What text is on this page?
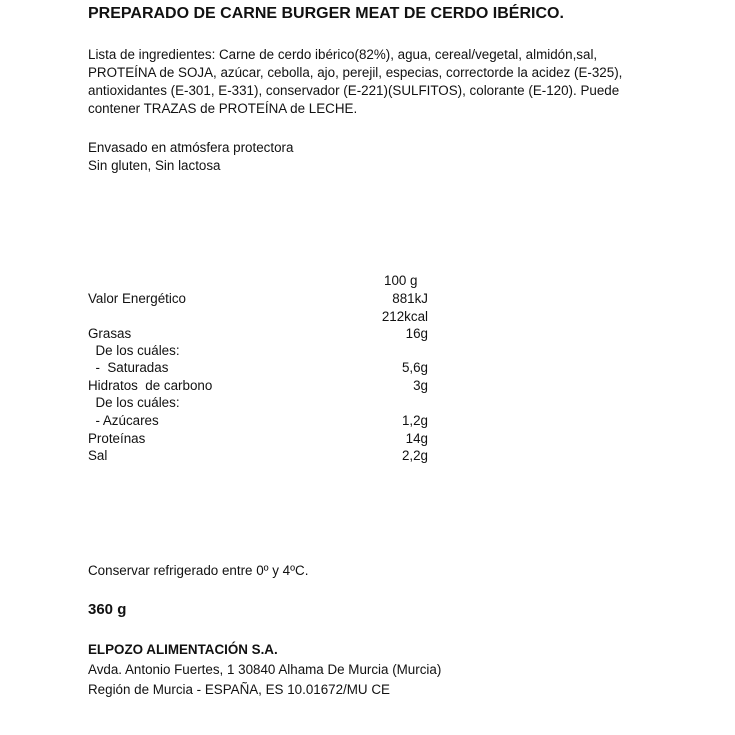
PREPARADO DE CARNE BURGER MEAT DE CERDO IBÉRICO.

Lista de ingredientes: Carne de cerdo ibérico(82%), agua, cereal/vegetal, almidón,sal, PROTEÍNA de SOJA, azúcar, cebolla, ajo, perejil, especias, correctorde la acidez (E-325), antioxidantes (E-301, E-331), conservador (E-221)(SULFITOS), colorante (E-120). Puede contener TRAZAS de PROTEÍNA de LECHE.

Envasado en atmósfera protectora
Sin gluten, Sin lactosa
100 g
Valor Energético	881kJ
212kcal
Grasas	16g
De los cuáles:
-  Saturadas	5,6g
Hidratos  de carbono	3g
De los cuáles:
- Azúcares	1,2g
Proteínas	14g
Sal	2,2g
Conservar refrigerado entre 0º y 4ºC.
360 g
ELPOZO ALIMENTACIÓN S.A.
Avda. Antonio Fuertes, 1 30840 Alhama De Murcia (Murcia)
Región de Murcia - ESPAÑA, ES 10.01672/MU CE
